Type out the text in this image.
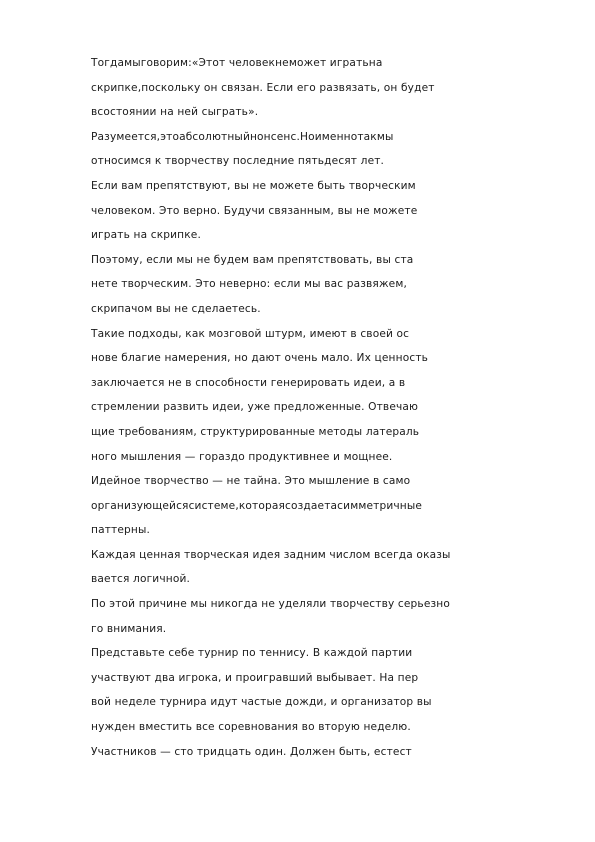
Тогдамыговорим:«Этот человекнеможет игратьна
скрипке,поскольку он связан. Если его развязать, он будет
всостоянии на ней сыграть».
Разумеется,этоабсолютныйнонсенс.Ноименнотакмы
относимся к творчеству последние пятьдесят лет.
Если вам препятствуют, вы не можете быть творческим
человеком. Это верно. Будучи связанным, вы не можете
играть на скрипке.
Поэтому, если мы не будем вам препятствовать, вы ста
нете творческим. Это неверно: если мы вас развяжем,
скрипачом вы не сделаетесь.
Такие подходы, как мозговой штурм, имеют в своей ос
нове благие намерения, но дают очень мало. Их ценность
заключается не в способности генерировать идеи, а в
стремлении развить идеи, уже предложенные. Отвечаю
щие требованиям, структурированные методы латераль
ного мышления — гораздо продуктивнее и мощнее.
Идейное творчество — не тайна. Это мышление в само
организующейсясистеме,котораясоздаетасимметричные
паттерны.
Каждая ценная творческая идея задним числом всегда оказы
вается логичной.
По этой причине мы никогда не уделяли творчеству серьезно
го внимания.
Представьте себе турнир по теннису. В каждой партии
участвуют два игрока, и проигравший выбывает. На пер
вой неделе турнира идут частые дожди, и организатор вы
нужден вместить все соревнования во вторую неделю.
Участников — сто тридцать один. Должен быть, естест
